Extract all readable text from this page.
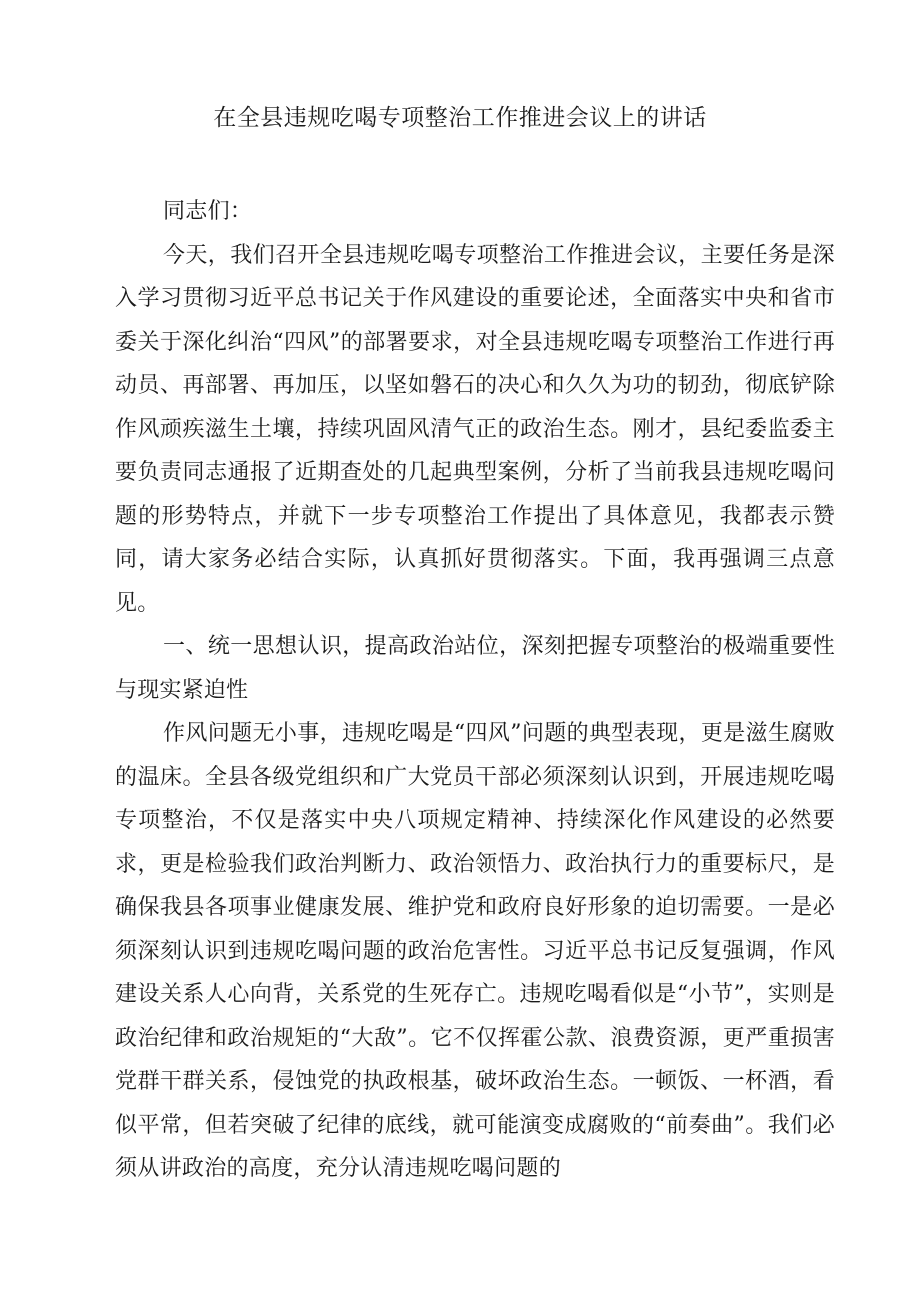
在全县违规吃喝专项整治工作推进会议上的讲话

同志们：

今天，我们召开全县违规吃喝专项整治工作推进会议，主要任务是深入学习贯彻习近平总书记关于作风建设的重要论述，全面落实中央和省市委关于深化纠治“四风”的部署要求，对全县违规吃喝专项整治工作进行再动员、再部署、再加压，以坚如磐石的决心和久久为功的韧劲，彻底铲除作风顽疾滋生土壤，持续巩固风清气正的政治生态。刚才，县纪委监委主要负责同志通报了近期查处的几起典型案例，分析了当前我县违规吃喝问题的形势特点，并就下一步专项整治工作提出了具体意见，我都表示赞同，请大家务必结合实际，认真抓好贯彻落实。下面，我再强调三点意见。

一、统一思想认识，提高政治站位，深刻把握专项整治的极端重要性与现实紧迫性

作风问题无小事，违规吃喝是“四风”问题的典型表现，更是滋生腐败的温床。全县各级党组织和广大党员干部必须深刻认识到，开展违规吃喝专项整治，不仅是落实中央八项规定精神、持续深化作风建设的必然要求，更是检验我们政治判断力、政治领悟力、政治执行力的重要标尺，是确保我县各项事业健康发展、维护党和政府良好形象的迫切需要。一是必须深刻认识到违规吃喝问题的政治危害性。习近平总书记反复强调，作风建设关系人心向背，关系党的生死存亡。违规吃喝看似是“小节”，实则是政治纪律和政治规矩的“大敌”。它不仅挥霍公款、浪费资源，更严重损害党群干群关系，侵蚀党的执政根基，破坏政治生态。一顿饭、一杯酒，看似平常，但若突破了纪律的底线，就可能演变成腐败的“前奏曲”。我们必须从讲政治的高度，充分认清违规吃喝问题的
